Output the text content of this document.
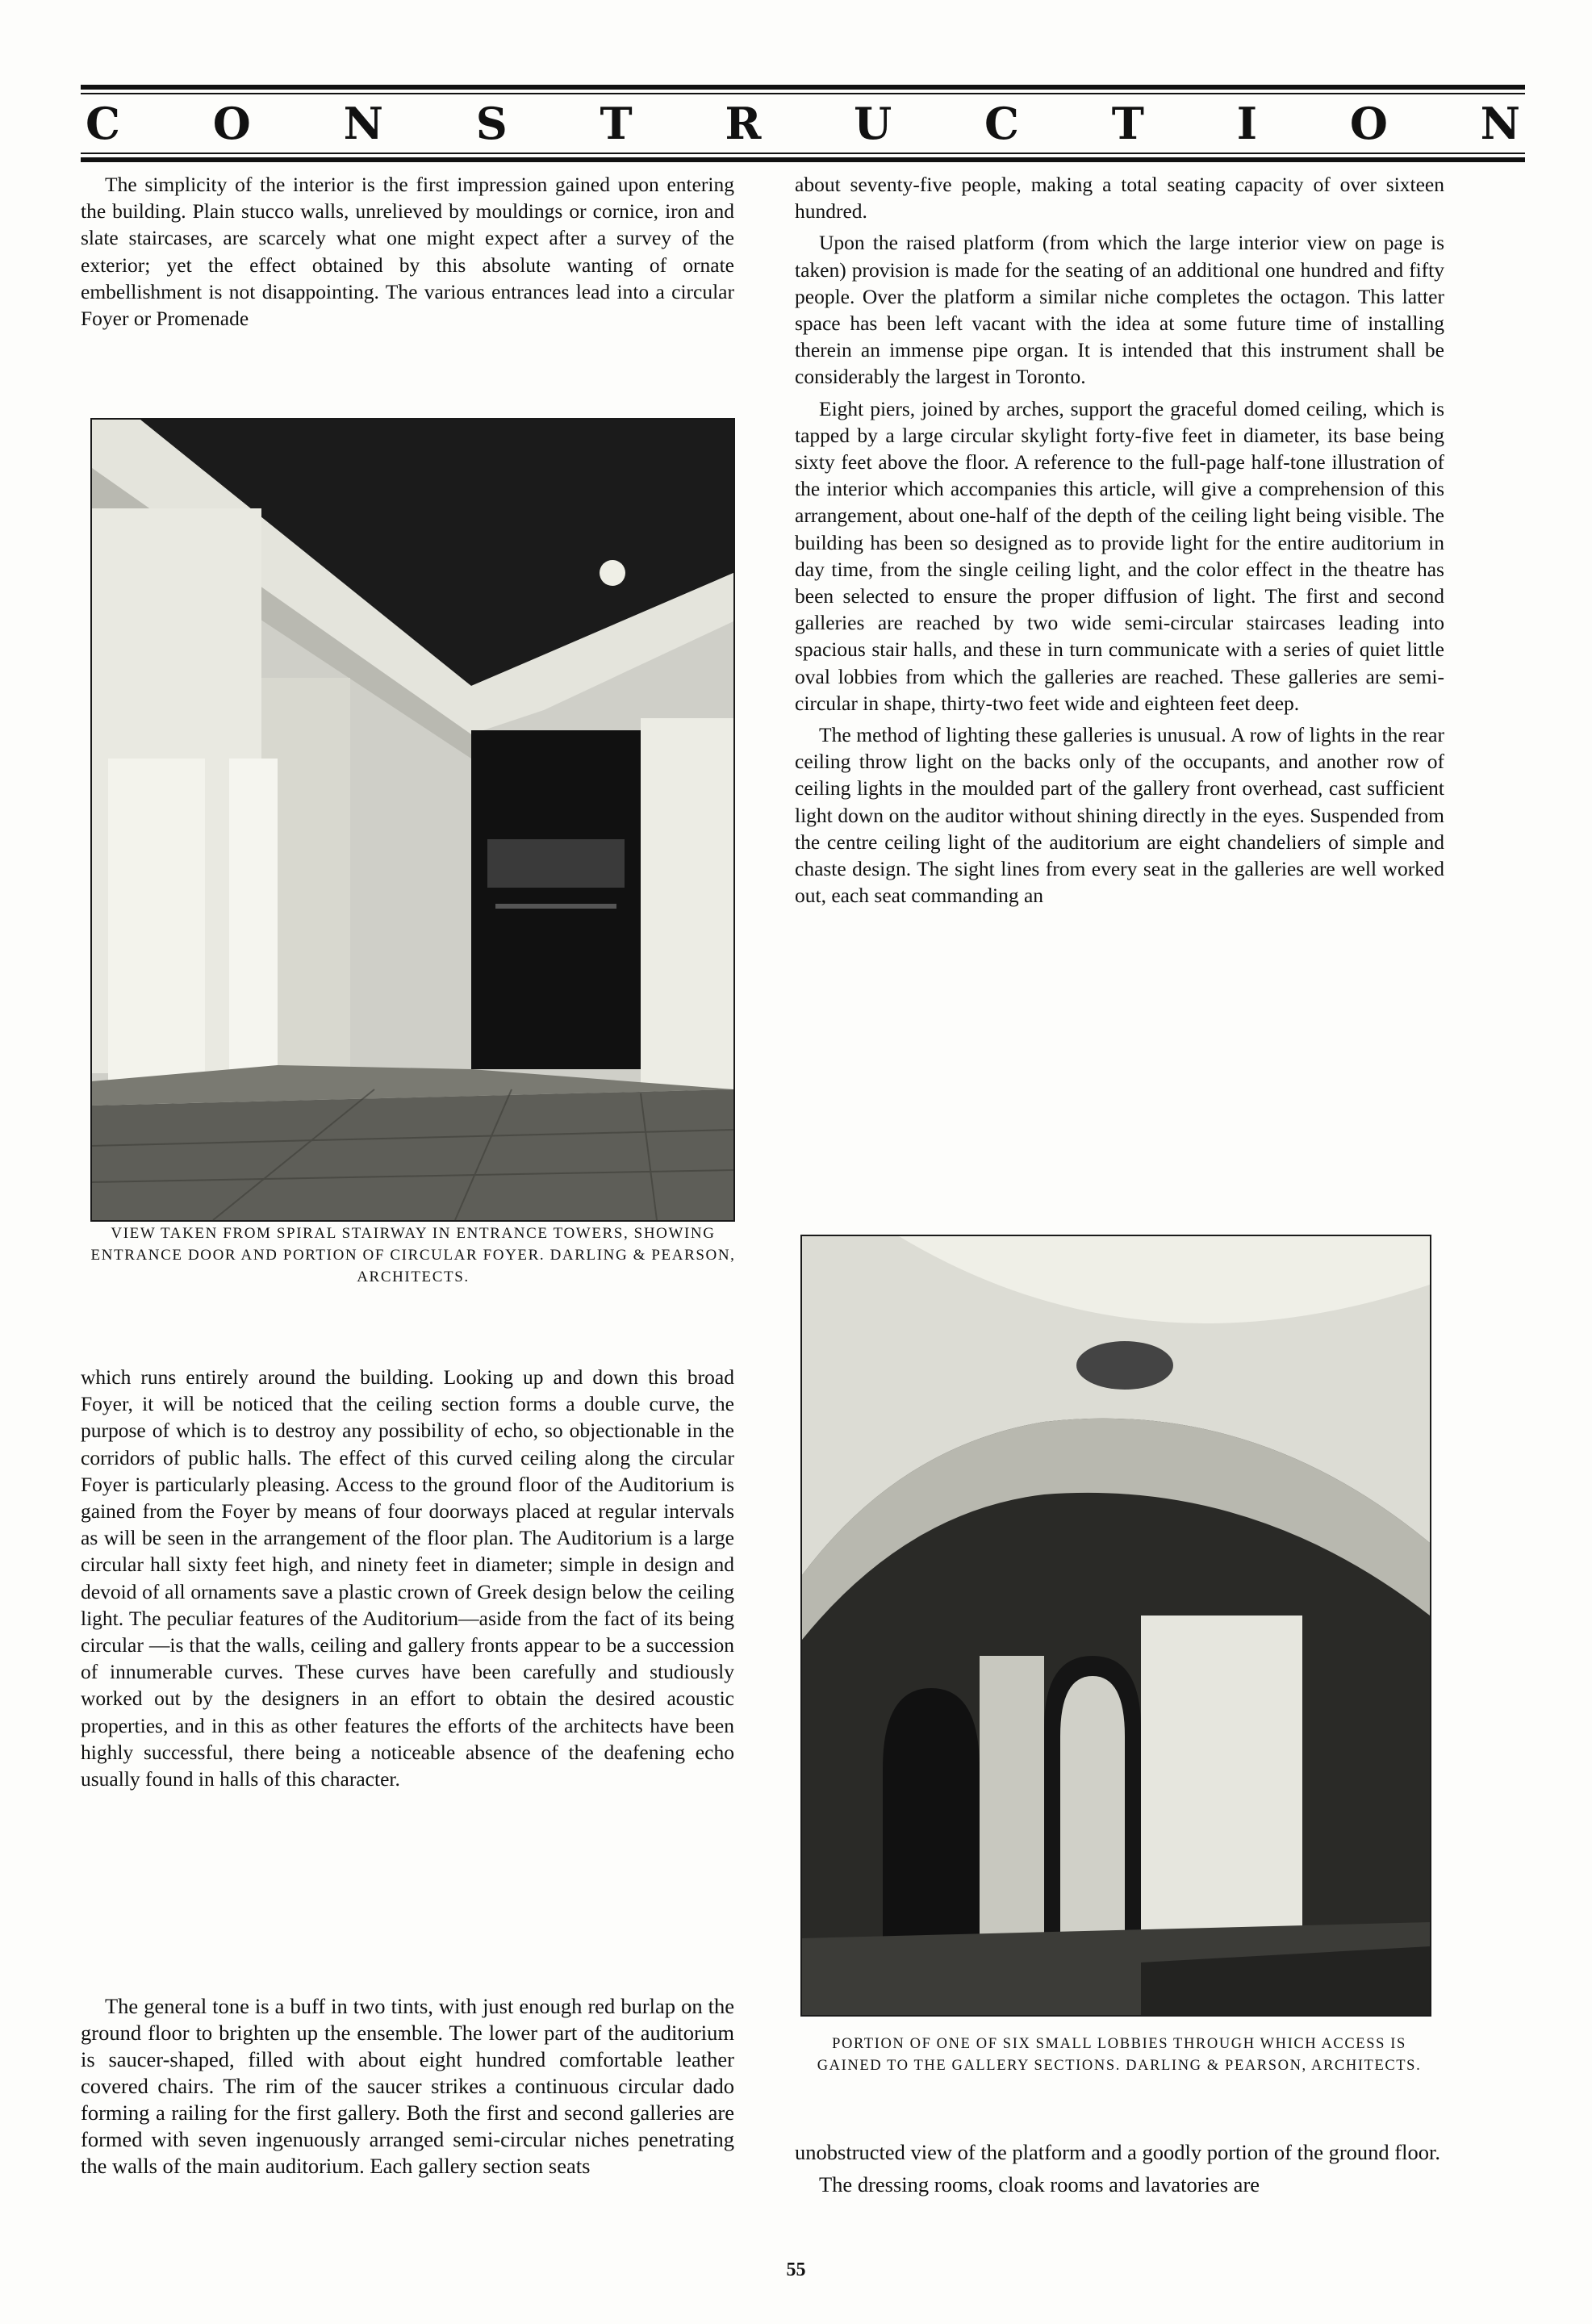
C O N S T R U C T I O N

The simplicity of the interior is the first impression gained upon entering the building. Plain stucco walls, unrelieved by mouldings or cornice, iron and slate staircases, are scarcely what one might expect after a survey of the exterior; yet the effect obtained by this absolute wanting of ornate embellishment is not disappointing. The various entrances lead into a circular Foyer or Promenade

VIEW TAKEN FROM SPIRAL STAIRWAY IN ENTRANCE TOWERS, SHOWING ENTRANCE DOOR AND PORTION OF CIRCULAR FOYER. DARLING & PEARSON, ARCHITECTS.

which runs entirely around the building. Looking up and down this broad Foyer, it will be noticed that the ceiling section forms a double curve, the purpose of which is to destroy any possibility of echo, so objectionable in the corridors of public halls. The effect of this curved ceiling along the circular Foyer is particularly pleasing. Access to the ground floor of the Auditorium is gained from the Foyer by means of four doorways placed at regular intervals as will be seen in the arrangement of the floor plan. The Auditorium is a large circular hall sixty feet high, and ninety feet in diameter; simple in design and devoid of all ornaments save a plastic crown of Greek design below the ceiling light. The peculiar features of the Auditorium—aside from the fact of its being circular —is that the walls, ceiling and gallery fronts appear to be a succession of innumerable curves. These curves have been carefully and studiously worked out by the designers in an effort to obtain the desired acoustic properties, and in this as other features the efforts of the architects have been highly successful, there being a noticeable absence of the deafening echo usually found in halls of this character.

The general tone is a buff in two tints, with just enough red burlap on the ground floor to brighten up the ensemble. The lower part of the auditorium is saucer-shaped, filled with about eight hundred comfortable leather covered chairs. The rim of the saucer strikes a continuous circular dado forming a railing for the first gallery. Both the first and second galleries are formed with seven ingenuously arranged semi-circular niches penetrating the walls of the main auditorium. Each gallery section seats

about seventy-five people, making a total seating capacity of over sixteen hundred.

Upon the raised platform (from which the large interior view on page is taken) provision is made for the seating of an additional one hundred and fifty people. Over the platform a similar niche completes the octagon. This latter space has been left vacant with the idea at some future time of installing therein an immense pipe organ. It is intended that this instrument shall be considerably the largest in Toronto.

Eight piers, joined by arches, support the graceful domed ceiling, which is tapped by a large circular skylight forty-five feet in diameter, its base being sixty feet above the floor. A reference to the full-page half-tone illustration of the interior which accompanies this article, will give a comprehension of this arrangement, about one-half of the depth of the ceiling light being visible. The building has been so designed as to provide light for the entire auditorium in day time, from the single ceiling light, and the color effect in the theatre has been selected to ensure the proper diffusion of light. The first and second galleries are reached by two wide semi-circular staircases leading into spacious stair halls, and these in turn communicate with a series of quiet little oval lobbies from which the galleries are reached. These galleries are semi-circular in shape, thirty-two feet wide and eighteen feet deep.

The method of lighting these galleries is unusual. A row of lights in the rear ceiling throw light on the backs only of the occupants, and another row of ceiling lights in the moulded part of the gallery front overhead, cast sufficient light down on the auditor without shining directly in the eyes. Suspended from the centre ceiling light of the auditorium are eight chandeliers of simple and chaste design. The sight lines from every seat in the galleries are well worked out, each seat commanding an

PORTION OF ONE OF SIX SMALL LOBBIES THROUGH WHICH ACCESS IS GAINED TO THE GALLERY SECTIONS. DARLING & PEARSON, ARCHITECTS.

unobstructed view of the platform and a goodly portion of the ground floor.

The dressing rooms, cloak rooms and lavatories are

55
